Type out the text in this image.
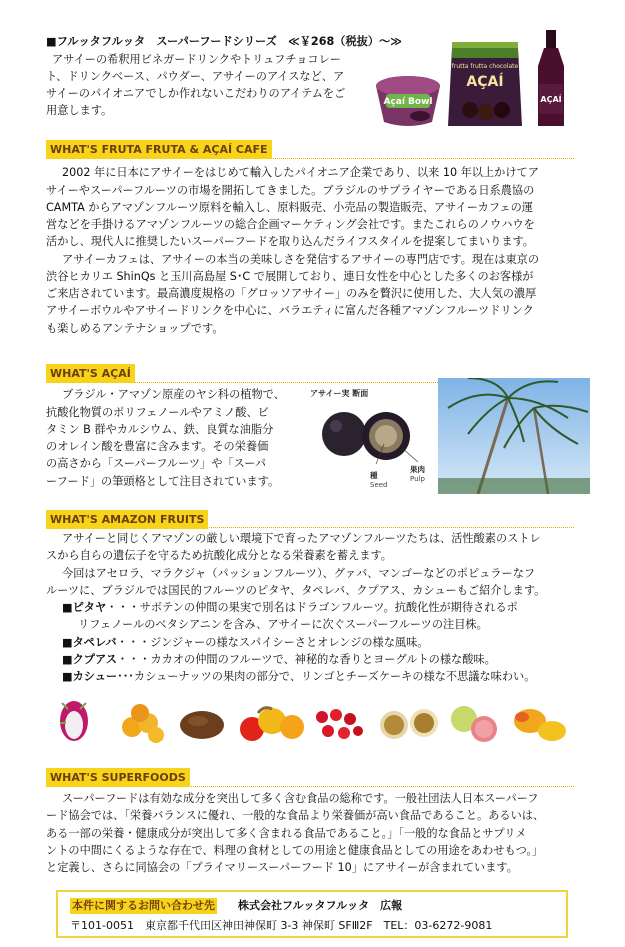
■フルッタフルッタ　スーパーフードシリーズ　≪￥268（税抜）～≫

アサイーの希釈用ビネガードリンクやトリュフチョコレー

ト、ドリンクベース、パウダー、アサイーのアイスなど、ア

サイーのパイオニアでしか作れないこだわりのアイテムをご

用意します。

Açaí Bowl
frutta frutta chocolate
AÇAÍ
AÇAÍ
WHAT'S FRUTA FRUTA & AÇAÍ CAFE

2002 年に日本にアサイーをはじめて輸入したパイオニア企業であり、以来 10 年以上かけてア

サイーやスーパーフルーツの市場を開拓してきました。ブラジルのサプライヤーである日系農協の

CAMTA からアマゾンフルーツ原料を輸入し、原料販売、小売品の製造販売、アサイーカフェの運

営などを手掛けるアマゾンフルーツの総合企画マーケティング会社です。またこれらのノウハウを

活かし、現代人に推奨したいスーパーフードを取り込んだライフスタイルを提案してまいります。

アサイーカフェは、アサイーの本当の美味しさを発信するアサイーの専門店です。現在は東京の

渋谷ヒカリエ ShinQs と玉川高島屋 S･C で展開しており、連日女性を中心とした多くのお客様が

ご来店されています。最高濃度規格の「グロッソアサイー」のみを贅沢に使用した、大人気の濃厚

アサイーボウルやアサイードリンクを中心に、バラエティに富んだ各種アマゾンフルーツドリンク

も楽しめるアンテナショップです。

WHAT'S AÇAÍ

ブラジル・アマゾン原産のヤシ科の植物で、

抗酸化物質のポリフェノールやアミノ酸、ビ

タミン B 群やカルシウム、鉄、良質な油脂分

のオレイン酸を豊富に含みます。その栄養価

の高さから「スーパーフルーツ」や「スーパ

ーフード」の筆頭格として注目されています。

アサイー実 断面
果肉
Pulp
種
Seed
WHAT'S AMAZON FRUITS

アサイーと同じくアマゾンの厳しい環境下で育ったアマゾンフルーツたちは、活性酸素のストレ

スから自らの遺伝子を守るため抗酸化成分となる栄養素を蓄えます。

今回はアセロラ、マラクジャ（パッションフルーツ）、グァバ、マンゴーなどのポピュラーなフ

ルーツに、ブラジルでは国民的フルーツのピタヤ、タペレバ、クプアス、カシューもご紹介します。

■ピタヤ・・・サボテンの仲間の果実で別名はドラゴンフルーツ。抗酸化性が期待されるポ

リフェノールのベタシアニンを含み、アサイーに次ぐスーパーフルーツの注目株。

■タペレバ・・・ジンジャーの様なスパイシーさとオレンジの様な風味。

■クプアス・・・カカオの仲間のフルーツで、神秘的な香りとヨーグルトの様な酸味。

■カシュー･･･カシューナッツの果肉の部分で、リンゴとチーズケーキの様な不思議な味わい。

WHAT'S SUPERFOODS

スーパーフードは有効な成分を突出して多く含む食品の総称です。一般社団法人日本スーパーフ

ード協会では、「栄養バランスに優れ、一般的な食品より栄養価が高い食品であること。あるいは、

ある一部の栄養・健康成分が突出して多く含まれる食品であること。」「一般的な食品とサプリメ

ントの中間にくるような存在で、料理の食材としての用途と健康食品としての用途をあわせもつ。」

と定義し、さらに同協会の「プライマリースーパーフード 10」にアサイーが含まれています。

本件に関するお問い合わせ先 株式会社フルッタフルッタ　広報
〒101-0051　東京都千代田区神田神保町 3-3 神保町 SFⅢ2F　TEL：03-6272-9081
